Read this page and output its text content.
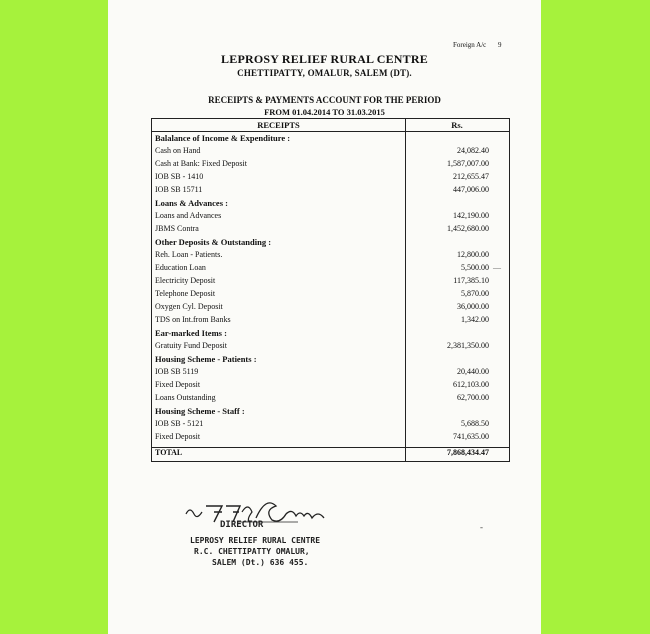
Foreign A/c 9
LEPROSY RELIEF RURAL CENTRE
CHETTIPATTY, OMALUR, SALEM (DT).
RECEIPTS & PAYMENTS ACCOUNT FOR THE PERIOD
FROM 01.04.2014 TO 31.03.2015
RECEIPTS	Rs.
Balalance of Income & Expenditure :
Cash on Hand	24,082.40
Cash at Bank: Fixed Deposit	1,587,007.00
IOB SB - 1410	212,655.47
IOB SB 15711	447,006.00
Loans & Advances :
Loans and Advances	142,190.00
JBMS Contra	1,452,680.00
Other Deposits & Outstanding :
Reh. Loan - Patients.	12,800.00
Education Loan	5,500.00
Electricity Deposit	117,385.10
Telephone Deposit	5,870.00
Oxygen Cyl. Deposit	36,000.00
TDS on Int.from Banks	1,342.00
Ear-marked Items :
Gratuity Fund Deposit	2,381,350.00
Housing Scheme - Patients :
IOB SB 5119	20,440.00
Fixed Deposit	612,103.00
Loans Outstanding	62,700.00
Housing Scheme - Staff :
IOB SB - 5121	5,688.50
Fixed Deposit	741,635.00
TOTAL	7,868,434.47
—
DIRECTOR
LEPROSY RELIEF RURAL CENTRE
R.C. CHETTIPATTY OMALUR,
SALEM (Dt.) 636 455.
-
